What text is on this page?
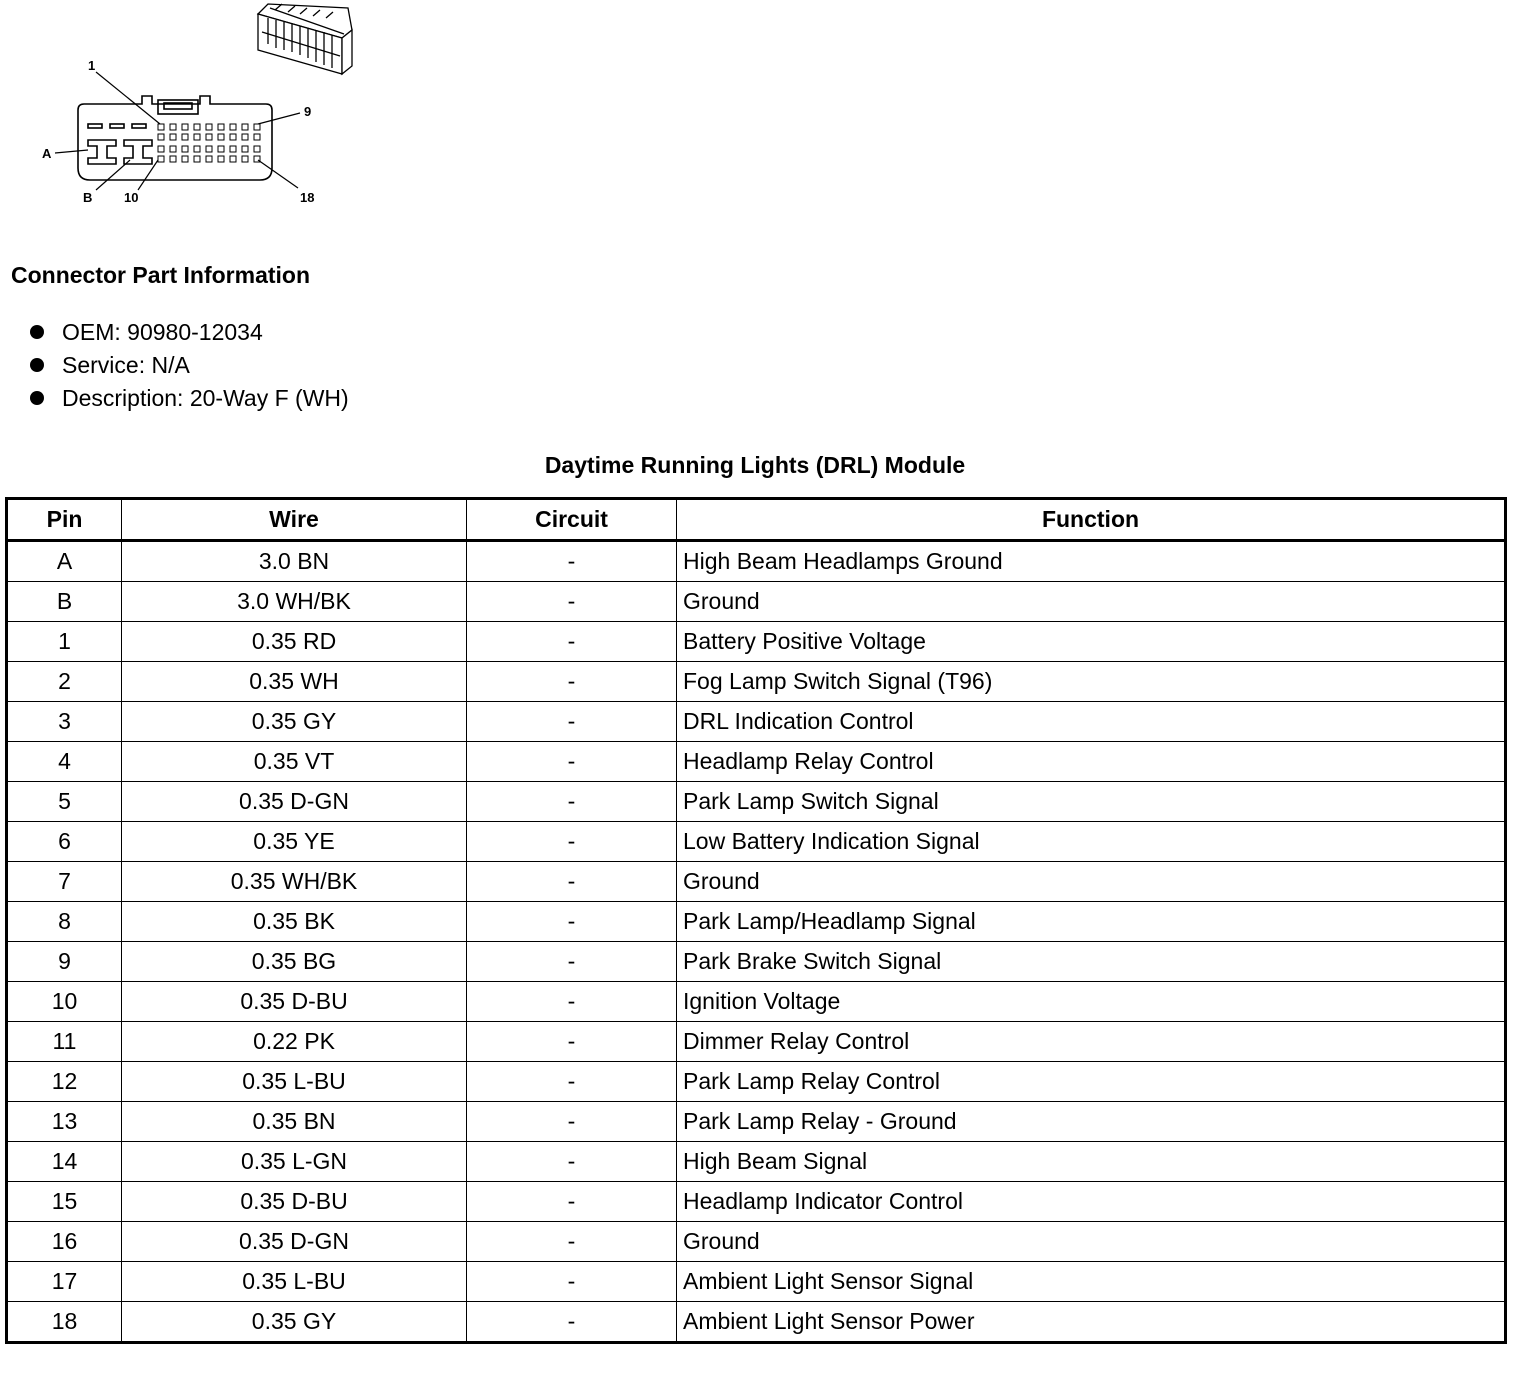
1
9
A
B 10	18
Connector Part Information
OEM: 90980-12034
Service: N/A
Description: 20-Way F (WH)
Daytime Running Lights (DRL) Module
Pin	Wire	Circuit	Function
A	3.0 BN	-	High Beam Headlamps Ground
B	3.0 WH/BK	-	Ground
1	0.35 RD	-	Battery Positive Voltage
2	0.35 WH	-	Fog Lamp Switch Signal (T96)
3	0.35 GY	-	DRL Indication Control
4	0.35 VT	-	Headlamp Relay Control
5	0.35 D-GN	-	Park Lamp Switch Signal
6	0.35 YE	-	Low Battery Indication Signal
7	0.35 WH/BK	-	Ground
8	0.35 BK	-	Park Lamp/Headlamp Signal
9	0.35 BG	-	Park Brake Switch Signal
10	0.35 D-BU	-	Ignition Voltage
11	0.22 PK	-	Dimmer Relay Control
12	0.35 L-BU	-	Park Lamp Relay Control
13	0.35 BN	-	Park Lamp Relay - Ground
14	0.35 L-GN	-	High Beam Signal
15	0.35 D-BU	-	Headlamp Indicator Control
16	0.35 D-GN	-	Ground
17	0.35 L-BU	-	Ambient Light Sensor Signal
18	0.35 GY	-	Ambient Light Sensor Power
